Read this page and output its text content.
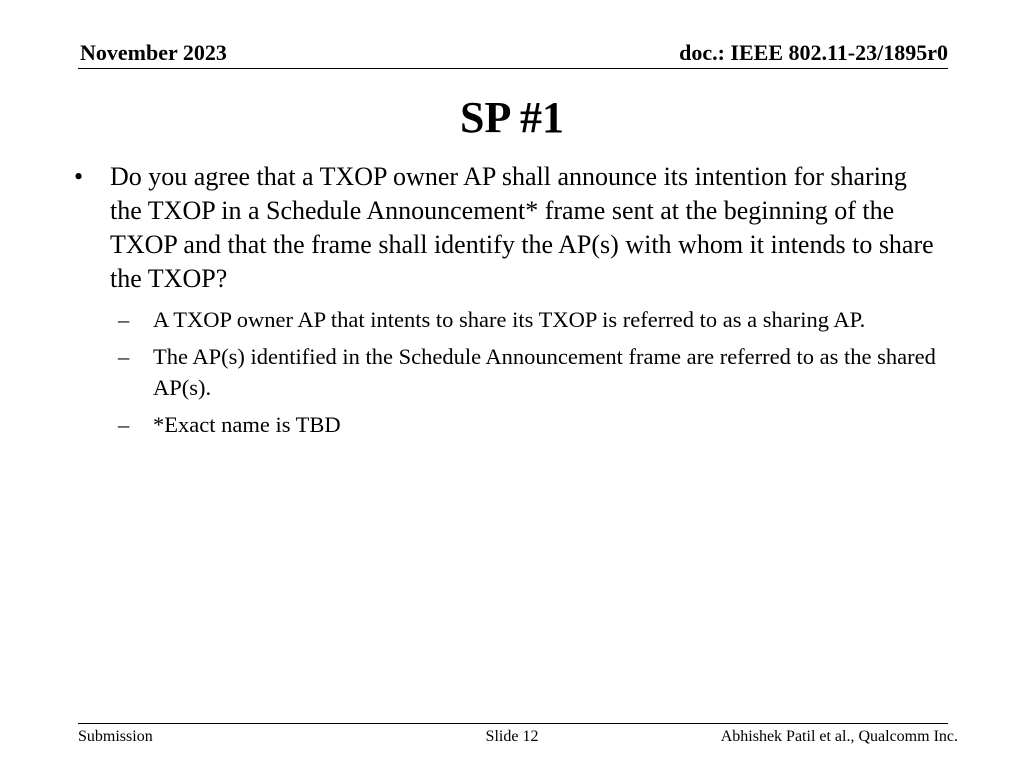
November 2023	doc.: IEEE 802.11-23/1895r0
SP #1
• Do you agree that a TXOP owner AP shall announce its intention for sharing the TXOP in a Schedule Announcement* frame sent at the beginning of the TXOP and that the frame shall identify the AP(s) with whom it intends to share the TXOP?
– A TXOP owner AP that intents to share its TXOP is referred to as a sharing AP.
– The AP(s) identified in the Schedule Announcement frame are referred to as the shared AP(s).
– *Exact name is TBD
Submission	Slide 12	Abhishek Patil et al., Qualcomm Inc.
